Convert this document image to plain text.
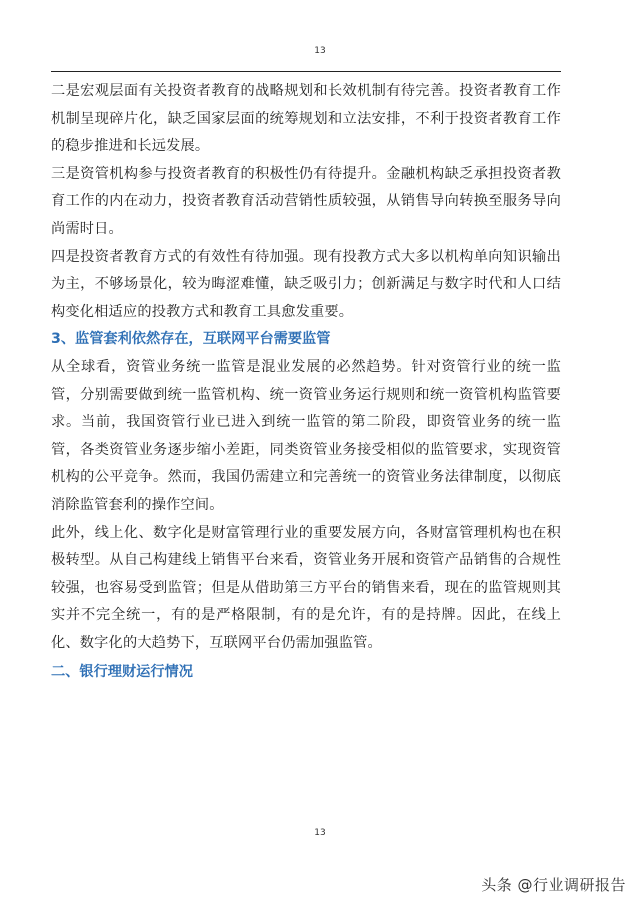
13

二是宏观层面有关投资者教育的战略规划和长效机制有待完善。投资者教育工作机制呈现碎片化，缺乏国家层面的统筹规划和立法安排，不利于投资者教育工作的稳步推进和长远发展。

三是资管机构参与投资者教育的积极性仍有待提升。金融机构缺乏承担投资者教育工作的内在动力，投资者教育活动营销性质较强，从销售导向转换至服务导向尚需时日。

四是投资者教育方式的有效性有待加强。现有投教方式大多以机构单向知识输出为主，不够场景化，较为晦涩难懂，缺乏吸引力；创新满足与数字时代和人口结构变化相适应的投教方式和教育工具愈发重要。

3、监管套利依然存在，互联网平台需要监管

从全球看，资管业务统一监管是混业发展的必然趋势。针对资管行业的统一监管，分别需要做到统一监管机构、统一资管业务运行规则和统一资管机构监管要求。当前，我国资管行业已进入到统一监管的第二阶段，即资管业务的统一监管，各类资管业务逐步缩小差距，同类资管业务接受相似的监管要求，实现资管机构的公平竞争。然而，我国仍需建立和完善统一的资管业务法律制度，以彻底消除监管套利的操作空间。

此外，线上化、数字化是财富管理行业的重要发展方向，各财富管理机构也在积极转型。从自己构建线上销售平台来看，资管业务开展和资管产品销售的合规性较强，也容易受到监管；但是从借助第三方平台的销售来看，现在的监管规则其实并不完全统一，有的是严格限制，有的是允许，有的是持牌。因此，在线上化、数字化的大趋势下，互联网平台仍需加强监管。

二、银行理财运行情况
13
头条 @行业调研报告
